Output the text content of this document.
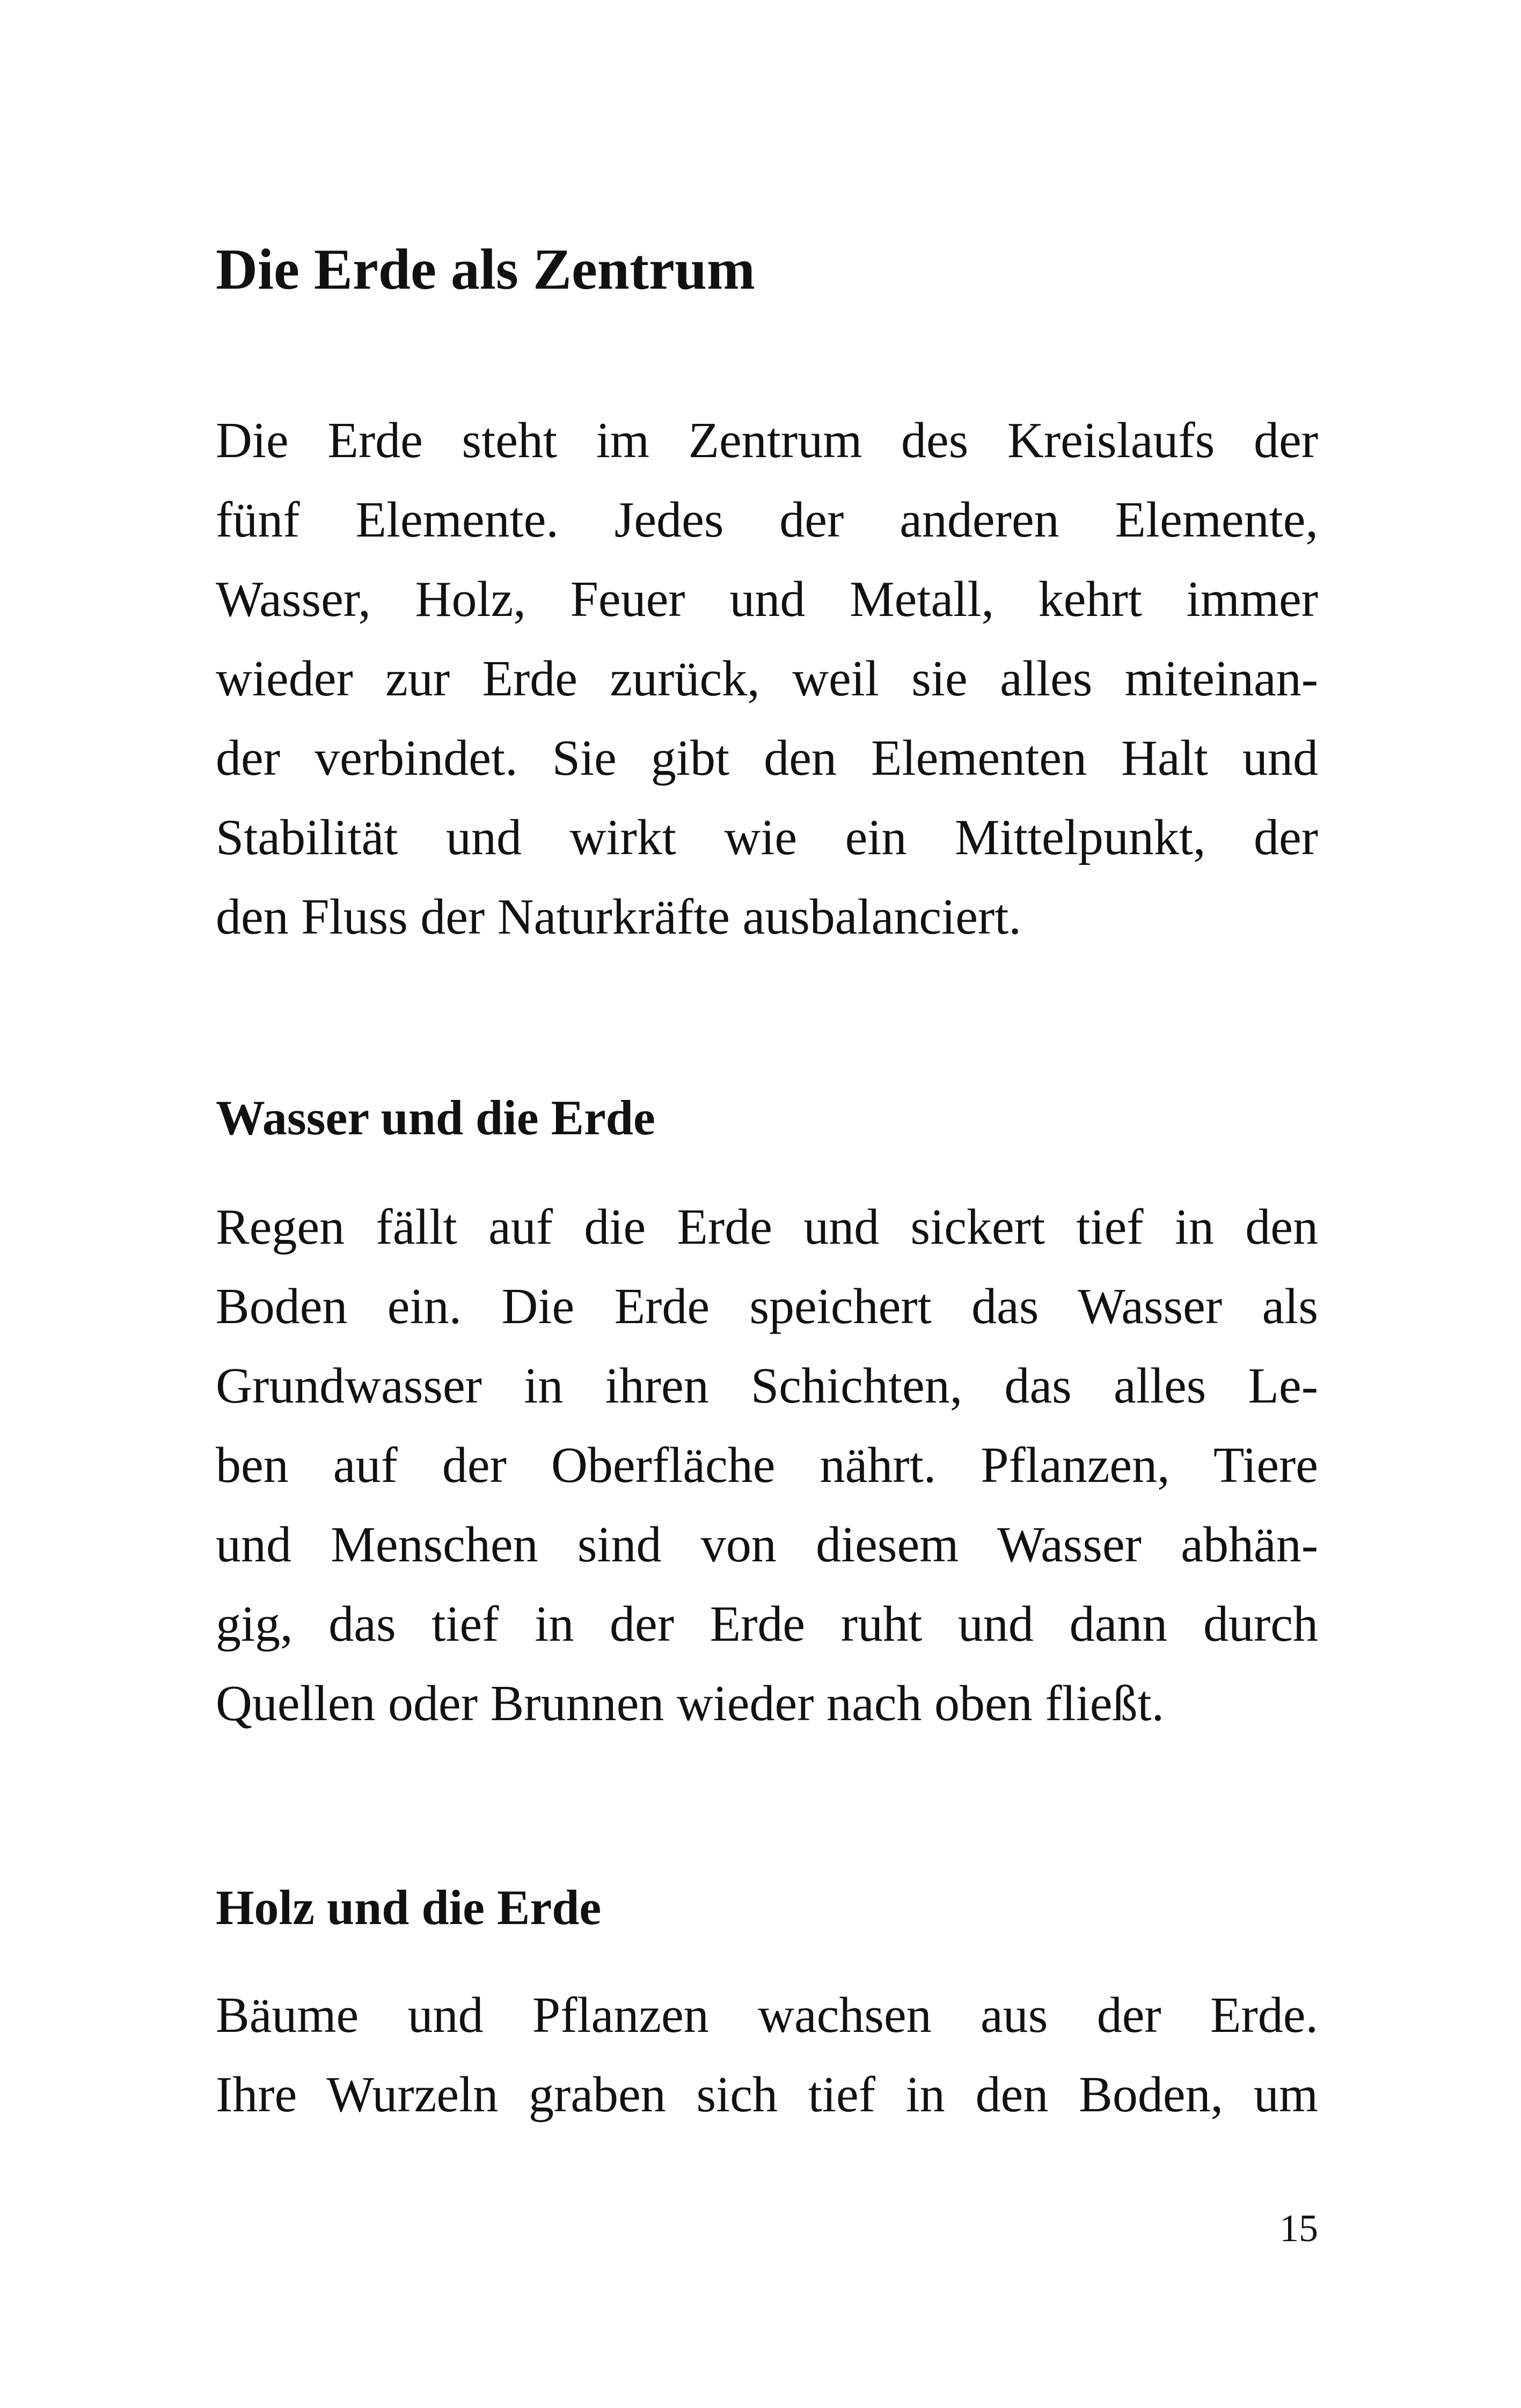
Die Erde als Zentrum

Die Erde steht im Zentrum des Kreislaufs der
fünf Elemente. Jedes der anderen Elemente,
Wasser, Holz, Feuer und Metall, kehrt immer
wieder zur Erde zurück, weil sie alles miteinan-
der verbindet. Sie gibt den Elementen Halt und
Stabilität und wirkt wie ein Mittelpunkt, der
den Fluss der Naturkräfte ausbalanciert.

Wasser und die Erde

Regen fällt auf die Erde und sickert tief in den
Boden ein. Die Erde speichert das Wasser als
Grundwasser in ihren Schichten, das alles Le-
ben auf der Oberfläche nährt. Pflanzen, Tiere
und Menschen sind von diesem Wasser abhän-
gig, das tief in der Erde ruht und dann durch
Quellen oder Brunnen wieder nach oben fließt.

Holz und die Erde

Bäume und Pflanzen wachsen aus der Erde.
Ihre Wurzeln graben sich tief in den Boden, um

15
